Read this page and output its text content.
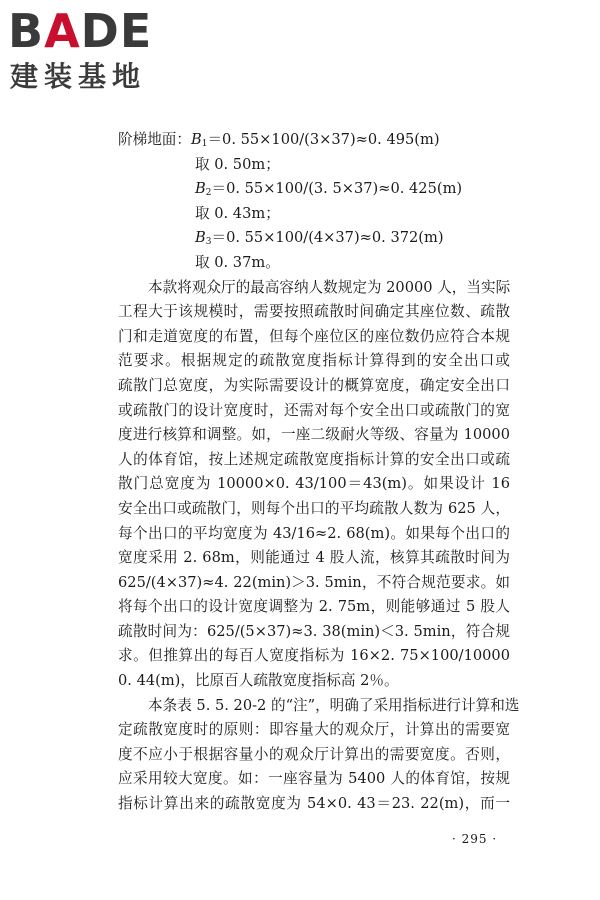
BADE
建装基地
阶梯地面：$B_1=0$. 55×100/(3×37)≈0. 495(m)
取 0. 50m；
$B_2=0$. 55×100/(3. 5×37)≈0. 425(m)
取 0. 43m；
$B_3=0$. 55×100/(4×37)≈0. 372(m)
取 0. 37m。
本款将观众厅的最高容纳人数规定为 20000 人，当实际
工程大于该规模时，需要按照疏散时间确定其座位数、疏散
门和走道宽度的布置，但每个座位区的座位数仍应符合本规
范要求。根据规定的疏散宽度指标计算得到的安全出口或
疏散门总宽度，为实际需要设计的概算宽度，确定安全出口
或疏散门的设计宽度时，还需对每个安全出口或疏散门的宽
度进行核算和调整。如，一座二级耐火等级、容量为 10000
人的体育馆，按上述规定疏散宽度指标计算的安全出口或疏
散门总宽度为 10000×0. 43/100＝43(m)。如果设计 16
安全出口或疏散门，则每个出口的平均疏散人数为 625 人，
每个出口的平均宽度为 43/16≈2. 68(m)。如果每个出口的
宽度采用 2. 68m，则能通过 4 股人流，核算其疏散时间为
625/(4×37)≈4. 22(min)＞3. 5min，不符合规范要求。如
将每个出口的设计宽度调整为 2. 75m，则能够通过 5 股人
疏散时间为：625/(5×37)≈3. 38(min)＜3. 5min，符合规
求。但推算出的每百人宽度指标为 16×2. 75×100/10000
0. 44(m)，比原百人疏散宽度指标高 2％。
本条表 5. 5. 20-2 的“注”，明确了采用指标进行计算和选
定疏散宽度时的原则：即容量大的观众厅，计算出的需要宽
度不应小于根据容量小的观众厅计算出的需要宽度。否则，
应采用较大宽度。如：一座容量为 5400 人的体育馆，按规
指标计算出来的疏散宽度为 54×0. 43＝23. 22(m)，而一
· 295 ·
